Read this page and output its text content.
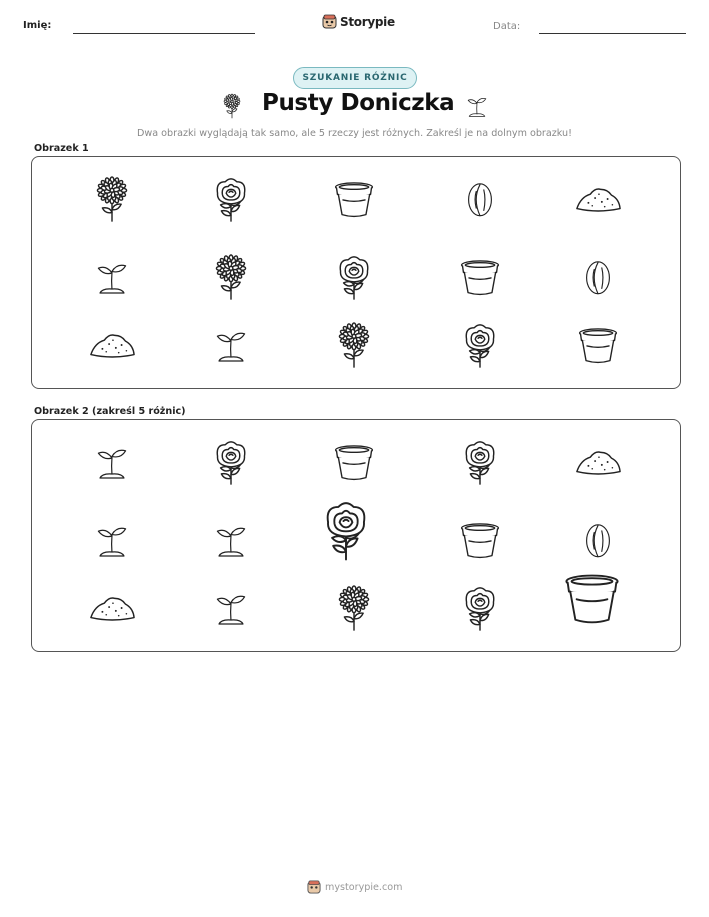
Imię:	Storypie	Data:
SZUKANIE RÓŻNIC
Pusty Doniczka
Dwa obrazki wyglądają tak samo, ale 5 rzeczy jest różnych. Zakreśl je na dolnym obrazku!
Obrazek 1
Obrazek 2 (zakreśl 5 różnic)
mystorypie.com
